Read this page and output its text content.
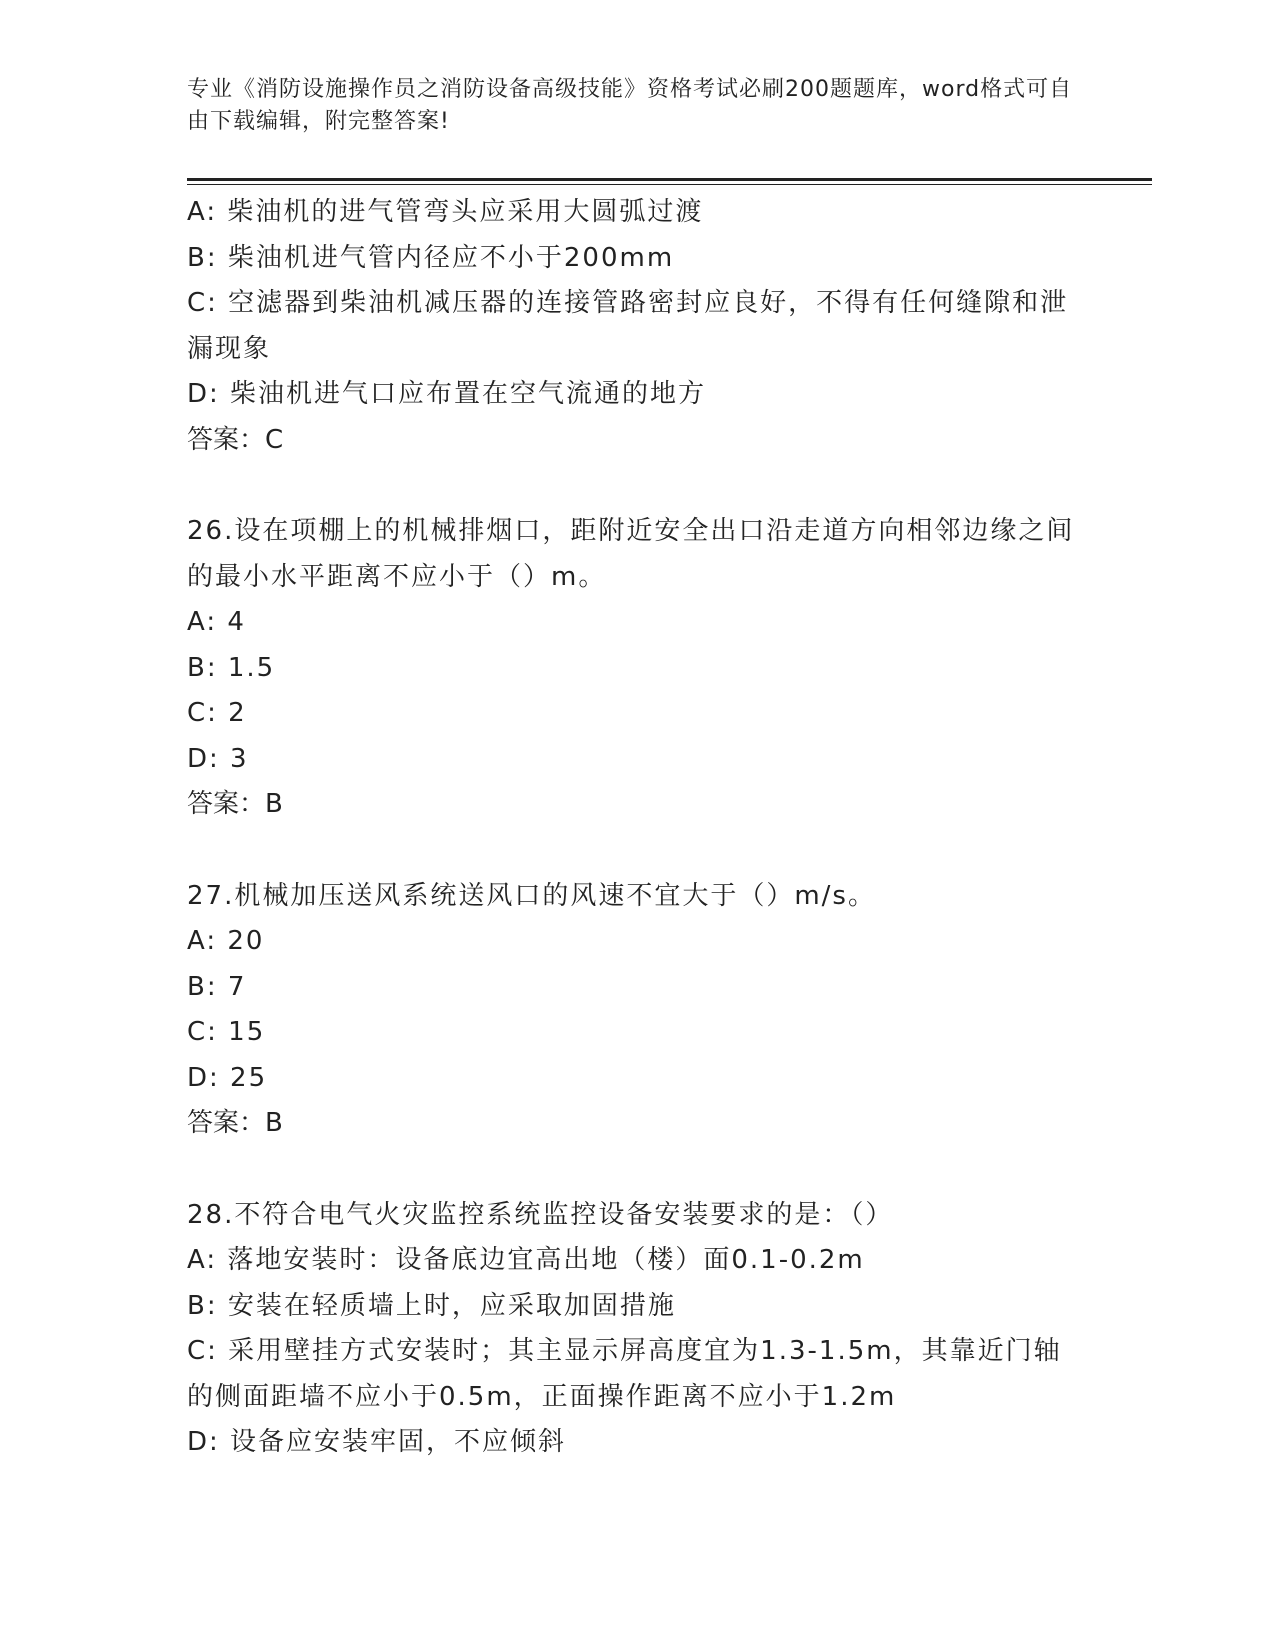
专业《消防设施操作员之消防设备高级技能》资格考试必刷200题题库，word格式可自由下载编辑，附完整答案!
A: 柴油机的进气管弯头应采用大圆弧过渡
B: 柴油机进气管内径应不小于200mm
C: 空滤器到柴油机减压器的连接管路密封应良好，不得有任何缝隙和泄漏现象
D: 柴油机进气口应布置在空气流通的地方
答案：C
26.设在项棚上的机械排烟口，距附近安全出口沿走道方向相邻边缘之间的最小水平距离不应小于（）m。
A: 4
B: 1.5
C: 2
D: 3
答案：B
27.机械加压送风系统送风口的风速不宜大于（）m/s。
A: 20
B: 7
C: 15
D: 25
答案：B
28.不符合电气火灾监控系统监控设备安装要求的是：（）
A: 落地安装时：设备底边宜高出地（楼）面0.1-0.2m
B: 安装在轻质墙上时，应采取加固措施
C: 采用壁挂方式安装时；其主显示屏高度宜为1.3-1.5m，其靠近门轴的侧面距墙不应小于0.5m，正面操作距离不应小于1.2m
D: 设备应安装牢固，不应倾斜
